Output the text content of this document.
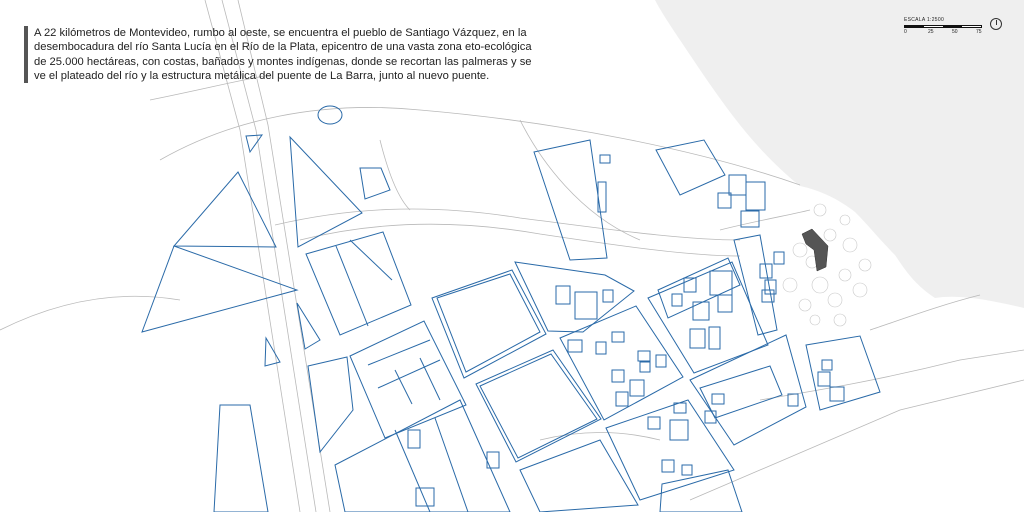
A 22 kilómetros de Montevideo, rumbo al oeste, se encuentra el pueblo de Santiago Vázquez, en la desembocadura del río Santa Lucía en el Río de la Plata, epicentro de una vasta zona eto-ecológica de 25.000 hectáreas, con costas, bañados y montes indígenas, donde se recortan las palmeras y se ve el plateado del río y la estructura metálica del puente de La Barra, junto al nuevo puente.
ESCALA 1:2500
0	25	50	75
